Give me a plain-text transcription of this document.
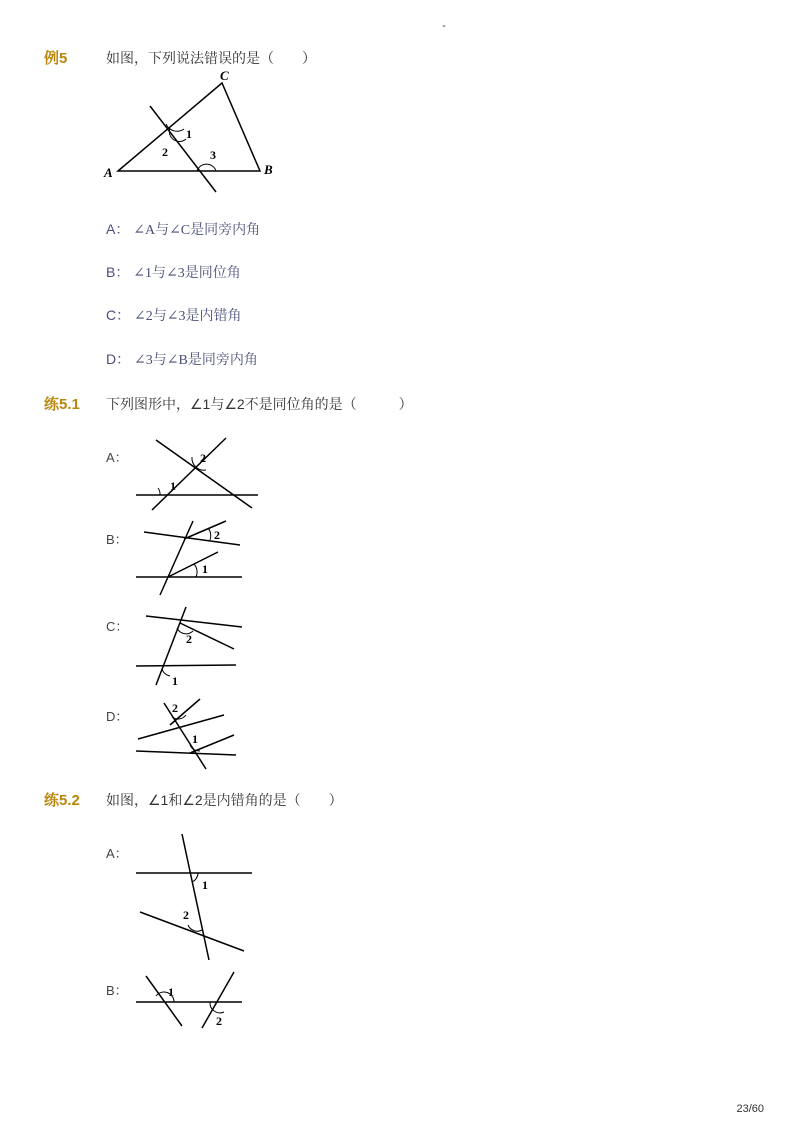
-
例5	如图，下列说法错误的是（　　）
C
A	B
1
2	3
A： ∠A与∠C是同旁内角
B： ∠1与∠3是同位角
C： ∠2与∠3是内错角
D： ∠3与∠B是同旁内角
练5.1 下列图形中，∠1与∠2不是同位角的是（　　　）
A：
1
2
B：
1
2
C：
2
1
D：
2
1
练5.2 如图，∠1和∠2是内错角的是（　　）
A：
1
2
B：	1
2
23/60
